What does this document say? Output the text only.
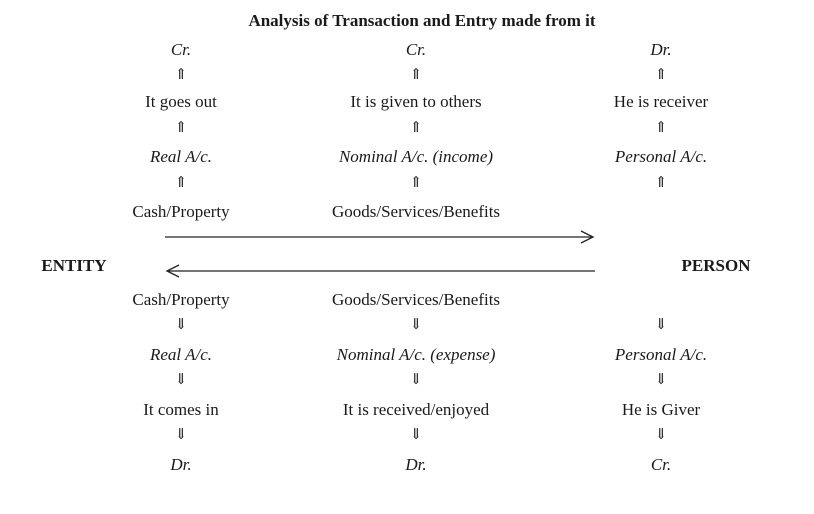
Analysis of Transaction and Entry made from it
Cr.
⇑
It goes out
⇑
Real A/c.
⇑
Cash/Property
Cr.
⇑
It is given to others
⇑
Nominal A/c. (income)
⇑
Goods/Services/Benefits
Dr.
⇑
He is receiver
⇑
Personal A/c.
⇑
ENTITY	PERSON
Cash/Property
⇓
Real A/c.
⇓
It comes in
⇓
Dr.
Goods/Services/Benefits
⇓
Nominal A/c. (expense)
⇓
It is received/enjoyed
⇓
Dr.
⇓
Personal A/c.
⇓
He is Giver
⇓
Cr.
